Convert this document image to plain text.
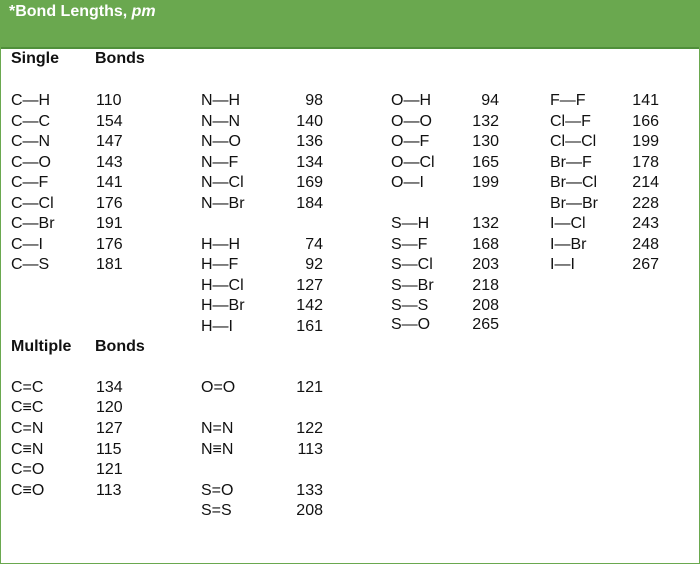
*Bond Lengths, pm
Single Bonds
Multiple Bonds
C—H	110
C—C	154
C—N	147
C—O	143
C—F	141
C—Cl	176
C—Br	191
C—I	176
C—S	181
N—H	98
N—N	140
N—O	136
N—F	134
N—Cl	169
N—Br	184
H—H	74
H—F	92
H—Cl	127
H—Br	142
H—I	161
O—H	94
O—O	132
O—F	130
O—Cl	165
O—I	199
S—H	132
S—F	168
S—Cl	203
S—Br	218
S—S	208
S—O	265
F—F	141
Cl—F	166
Cl—Cl	199
Br—F	178
Br—Cl	214
Br—Br	228
I—Cl	243
I—Br	248
I—I	267
C=C	134
C≡C	120
C=N	127
C≡N	115
C=O	121
C≡O	113
O=O	121
N=N	122
N≡N	113
S=O	133
S=S	208
